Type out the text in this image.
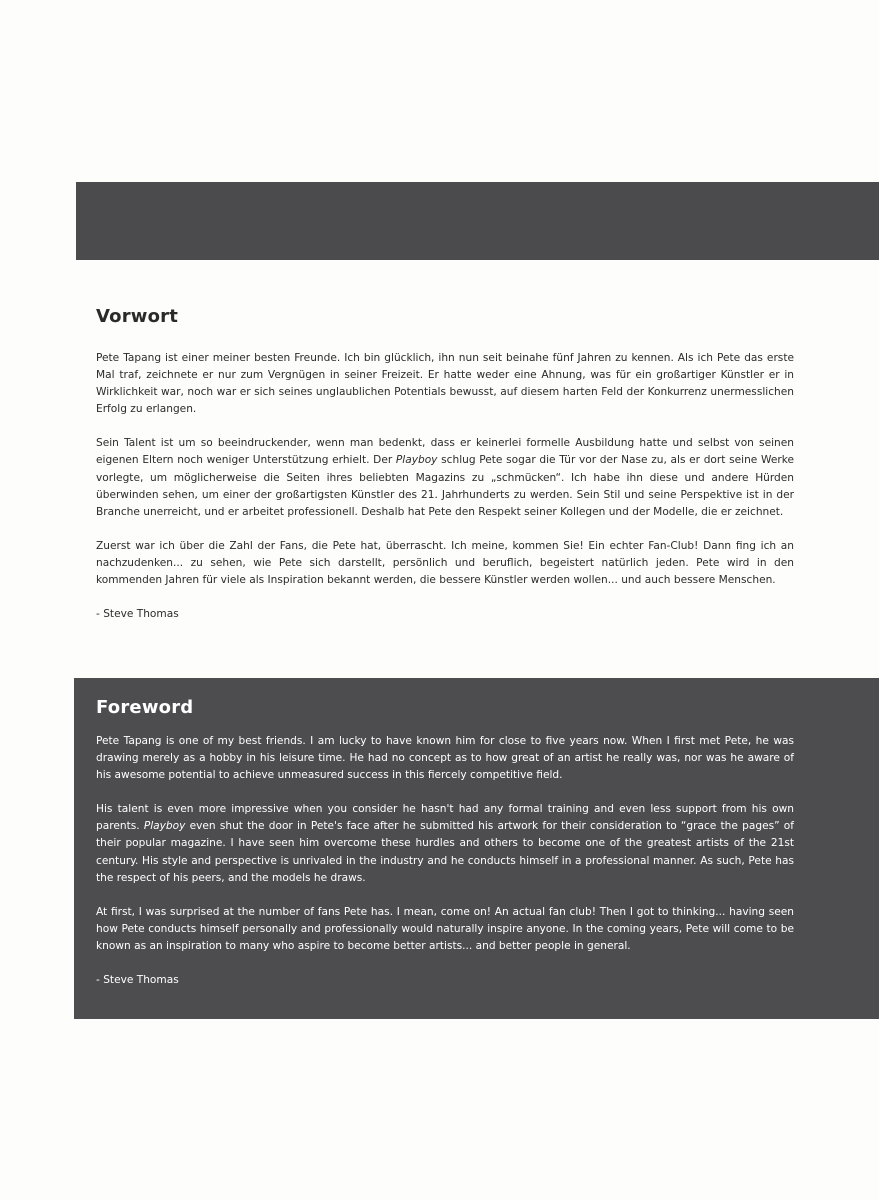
Vorwort

Pete Tapang ist einer meiner besten Freunde. Ich bin glücklich, ihn nun seit beinahe fünf Jahren zu kennen. Als ich Pete das erste Mal traf, zeichnete er nur zum Vergnügen in seiner Freizeit. Er hatte weder eine Ahnung, was für ein großartiger Künstler er in Wirklichkeit war, noch war er sich seines unglaublichen Potentials bewusst, auf diesem harten Feld der Konkurrenz unermesslichen Erfolg zu erlangen.

Sein Talent ist um so beeindruckender, wenn man bedenkt, dass er keinerlei formelle Ausbildung hatte und selbst von seinen eigenen Eltern noch weniger Unterstützung erhielt. Der Playboy schlug Pete sogar die Tür vor der Nase zu, als er dort seine Werke vorlegte, um möglicherweise die Seiten ihres beliebten Magazins zu „schmücken“. Ich habe ihn diese und andere Hürden überwinden sehen, um einer der großartigsten Künstler des 21. Jahrhunderts zu werden. Sein Stil und seine Perspektive ist in der Branche unerreicht, und er arbeitet professionell. Deshalb hat Pete den Respekt seiner Kollegen und der Modelle, die er zeichnet.

Zuerst war ich über die Zahl der Fans, die Pete hat, überrascht. Ich meine, kommen Sie! Ein echter Fan-Club! Dann fing ich an nachzudenken... zu sehen, wie Pete sich darstellt, persönlich und beruflich, begeistert natürlich jeden. Pete wird in den kommenden Jahren für viele als Inspiration bekannt werden, die bessere Künstler werden wollen... und auch bessere Menschen.

- Steve Thomas

Foreword

Pete Tapang is one of my best friends. I am lucky to have known him for close to five years now. When I first met Pete, he was drawing merely as a hobby in his leisure time. He had no concept as to how great of an artist he really was, nor was he aware of his awesome potential to achieve unmeasured success in this fiercely competitive field.

His talent is even more impressive when you consider he hasn't had any formal training and even less support from his own parents. Playboy even shut the door in Pete's face after he submitted his artwork for their consideration to “grace the pages” of their popular magazine. I have seen him overcome these hurdles and others to become one of the greatest artists of the 21st century. His style and perspective is unrivaled in the industry and he conducts himself in a professional manner. As such, Pete has the respect of his peers, and the models he draws.

At first, I was surprised at the number of fans Pete has. I mean, come on! An actual fan club! Then I got to thinking... having seen how Pete conducts himself personally and professionally would naturally inspire anyone. In the coming years, Pete will come to be known as an inspiration to many who aspire to become better artists... and better people in general.

- Steve Thomas
